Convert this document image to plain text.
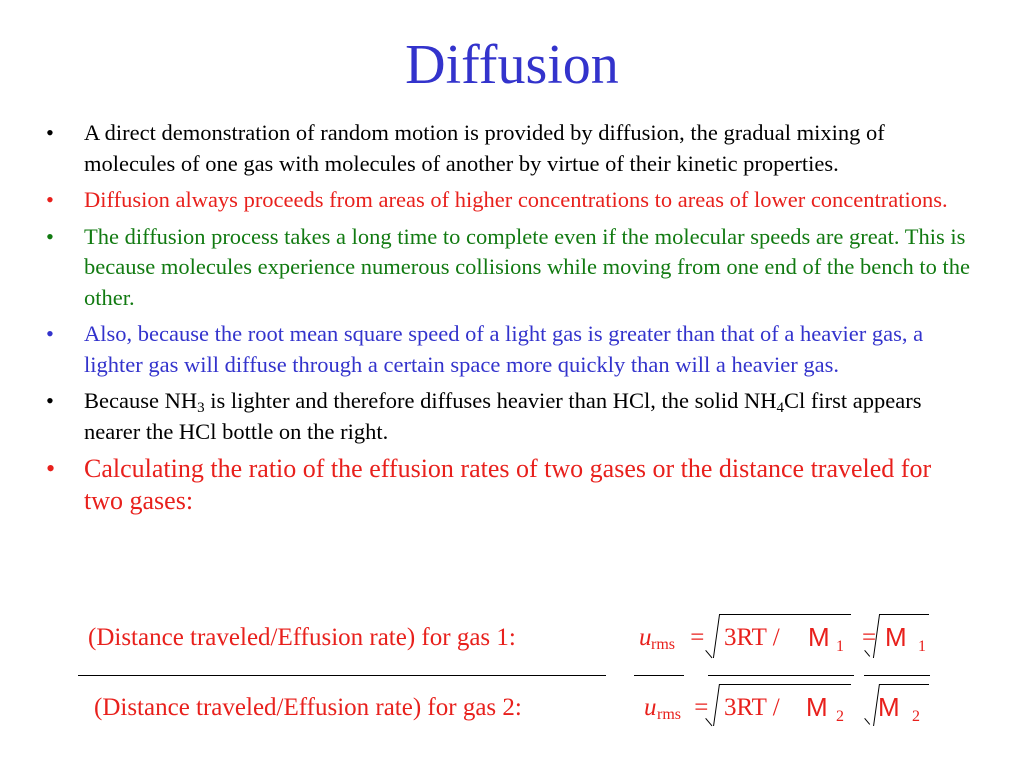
Diffusion
• A direct demonstration of random motion is provided by diffusion, the gradual mixing of molecules of one gas with molecules of another by virtue of their kinetic properties.
• Diffusion always proceeds from areas of higher concentrations to areas of lower concentrations.
• The diffusion process takes a long time to complete even if the molecular speeds are great. This is because molecules experience numerous collisions while moving from one end of the bench to the other.
• Also, because the root mean square speed of a light gas is greater than that of a heavier gas, a lighter gas will diffuse through a certain space more quickly than will a heavier gas.
• Because $NH_3$ is lighter and therefore diffuses heavier than HCl, the solid $NH_4Cl$ first appears nearer the HCl bottle on the right.
• Calculating the ratio of the effusion rates of two gases or the distance traveled for two gases:
(Distance traveled/Effusion rate) for gas 1:	u rms = 3RT / M 1 = M 1
(Distance traveled/Effusion rate) for gas 2:	u rms = 3RT / M 2 M 2
